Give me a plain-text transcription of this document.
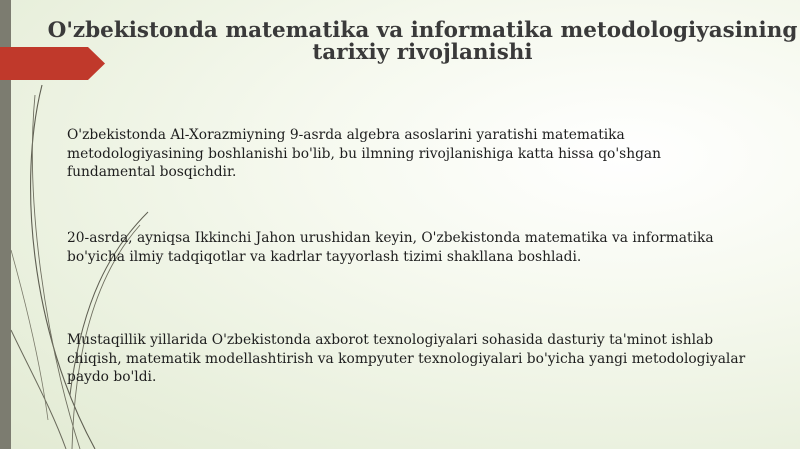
O'zbekistonda matematika va informatika metodologiyasining
tarixiy rivojlanishi

O'zbekistonda Al-Xorazmiyning 9-asrda algebra asoslarini yaratishi matematika
metodologiyasining boshlanishi bo'lib, bu ilmning rivojlanishiga katta hissa qo'shgan
fundamental bosqichdir.

20-asrda, ayniqsa Ikkinchi Jahon urushidan keyin, O'zbekistonda matematika va informatika
bo'yicha ilmiy tadqiqotlar va kadrlar tayyorlash tizimi shakllana boshladi.

Mustaqillik yillarida O'zbekistonda axborot texnologiyalari sohasida dasturiy ta'minot ishlab
chiqish, matematik modellashtirish va kompyuter texnologiyalari bo'yicha yangi metodologiyalar
paydo bo'ldi.
